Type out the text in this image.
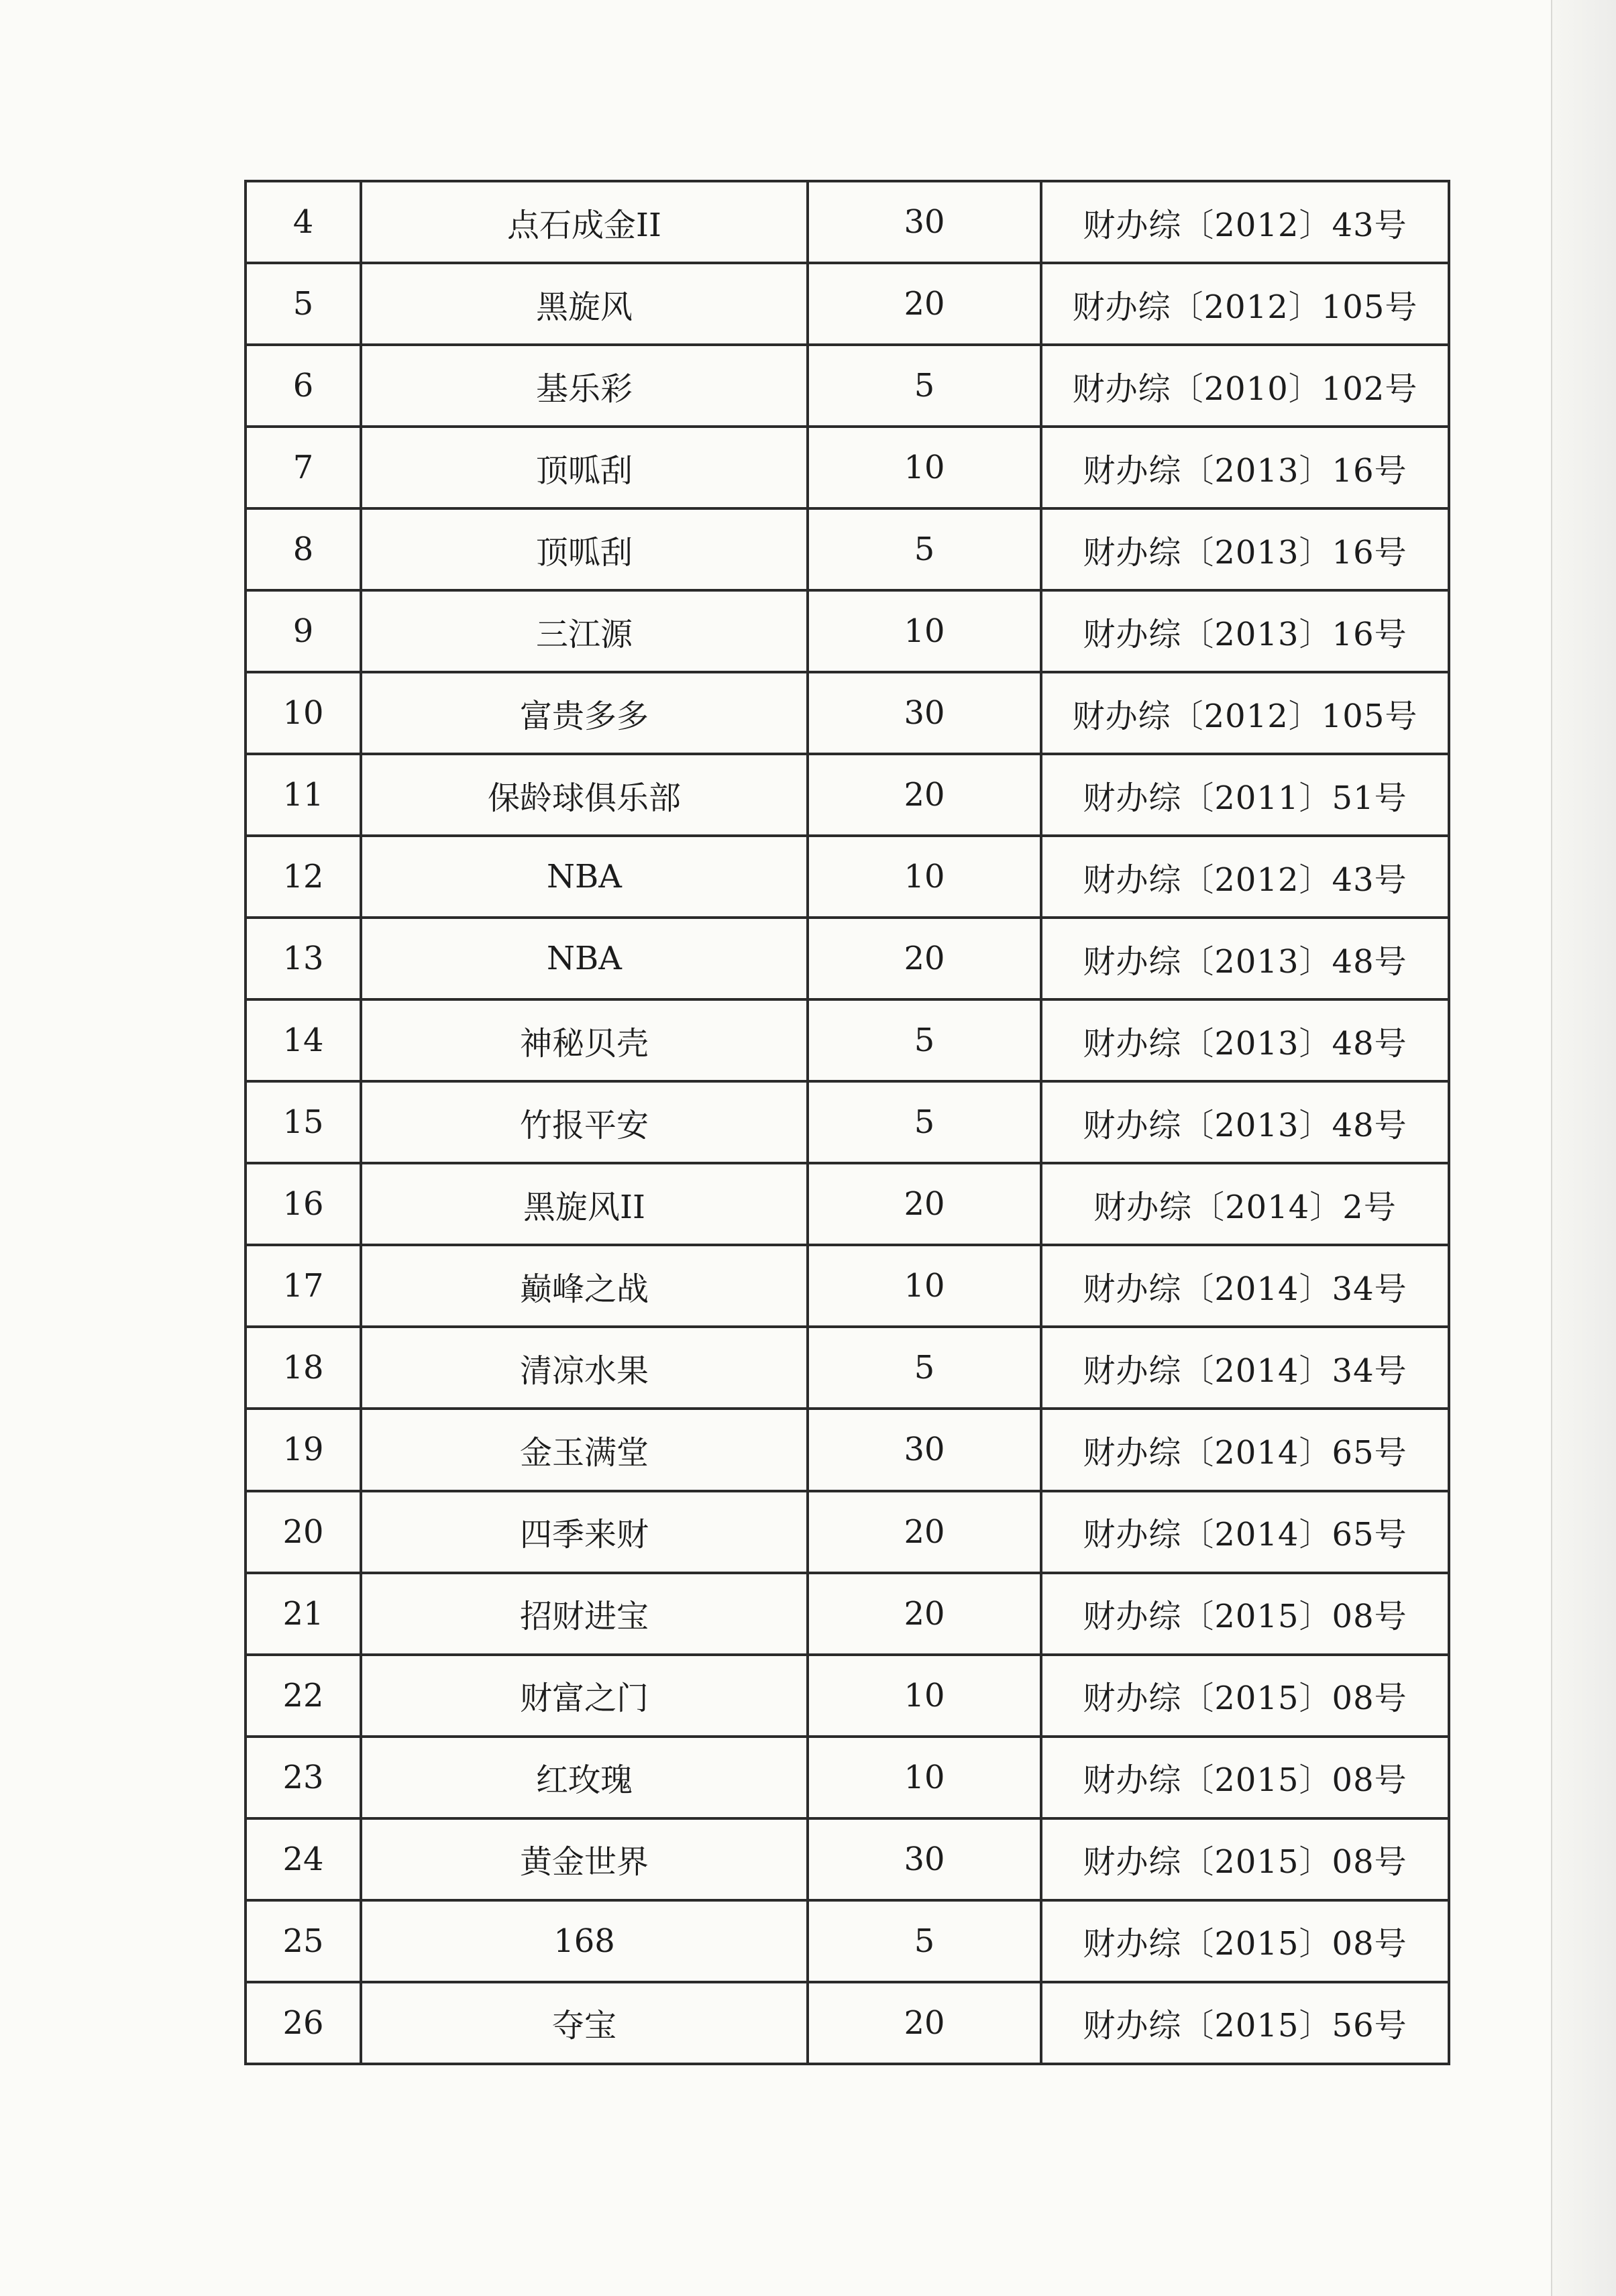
4	点石成金II	30	财办综〔2012〕43号
5	黑旋风	20	财办综〔2012〕105号
6	基乐彩	5	财办综〔2010〕102号
7	顶呱刮	10	财办综〔2013〕16号
8	顶呱刮	5	财办综〔2013〕16号
9	三江源	10	财办综〔2013〕16号
10	富贵多多	30	财办综〔2012〕105号
11	保龄球俱乐部	20	财办综〔2011〕51号
12	NBA	10	财办综〔2012〕43号
13	NBA	20	财办综〔2013〕48号
14	神秘贝壳	5	财办综〔2013〕48号
15	竹报平安	5	财办综〔2013〕48号
16	黑旋风II	20	财办综〔2014〕2号
17	巅峰之战	10	财办综〔2014〕34号
18	清凉水果	5	财办综〔2014〕34号
19	金玉满堂	30	财办综〔2014〕65号
20	四季来财	20	财办综〔2014〕65号
21	招财进宝	20	财办综〔2015〕08号
22	财富之门	10	财办综〔2015〕08号
23	红玫瑰	10	财办综〔2015〕08号
24	黄金世界	30	财办综〔2015〕08号
25	168	5	财办综〔2015〕08号
26	夺宝	20	财办综〔2015〕56号
